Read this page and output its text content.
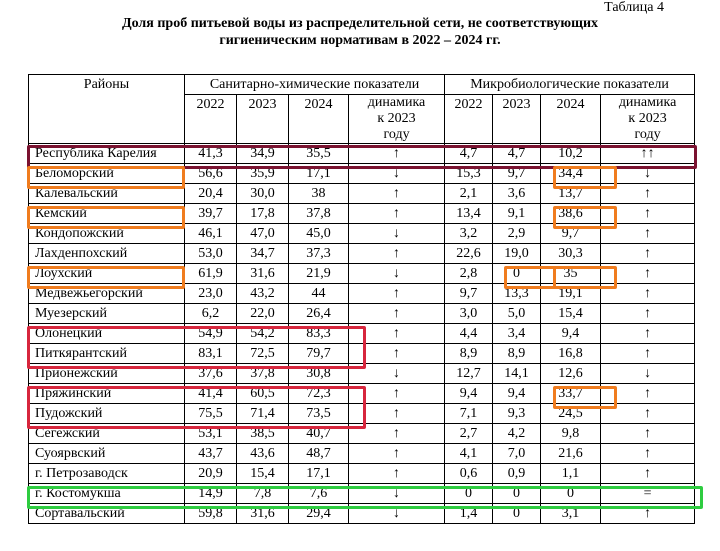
Таблица 4
Доля проб питьевой воды из распределительной сети, не соответствующих
гигиеническим нормативам в 2022 – 2024 гг.
Районы	Санитарно-химические показатели				Микробиологические показатели			
	2022	2023	2024	динамика
к 2023
году	2022	2023	2024	динамика
к 2023
году

Республика Карелия	41,3	34,9	35,5	↑	4,7	4,7	10,2	↑↑
Беломорский	56,6	35,9	17,1	↓	15,3	9,7	34,4	↓
Калевальский	20,4	30,0	38	↑	2,1	3,6	13,7	↑
Кемский	39,7	17,8	37,8	↑	13,4	9,1	38,6	↑
Кондопожский	46,1	47,0	45,0	↓	3,2	2,9	9,7	↑
Лахденпохский	53,0	34,7	37,3	↑	22,6	19,0	30,3	↑
Лоухский	61,9	31,6	21,9	↓	2,8	0	35	↑
Медвежьегорский	23,0	43,2	44	↑	9,7	13,3	19,1	↑
Муезерский	6,2	22,0	26,4	↑	3,0	5,0	15,4	↑
Олонецкий	54,9	54,2	83,3	↑	4,4	3,4	9,4	↑
Питкярантский	83,1	72,5	79,7	↑	8,9	8,9	16,8	↑
Прионежский	37,6	37,8	30,8	↓	12,7	14,1	12,6	↓
Пряжинский	41,4	60,5	72,3	↑	9,4	9,4	33,7	↑
Пудожский	75,5	71,4	73,5	↑	7,1	9,3	24,5	↑
Сегежский	53,1	38,5	40,7	↑	2,7	4,2	9,8	↑
Суоярвский	43,7	43,6	48,7	↑	4,1	7,0	21,6	↑
г. Петрозаводск	20,9	15,4	17,1	↑	0,6	0,9	1,1	↑
г. Костомукша	14,9	7,8	7,6	↓	0	0	0	=
Сортавальский	59,8	31,6	29,4	↓	1,4	0	3,1	↑
